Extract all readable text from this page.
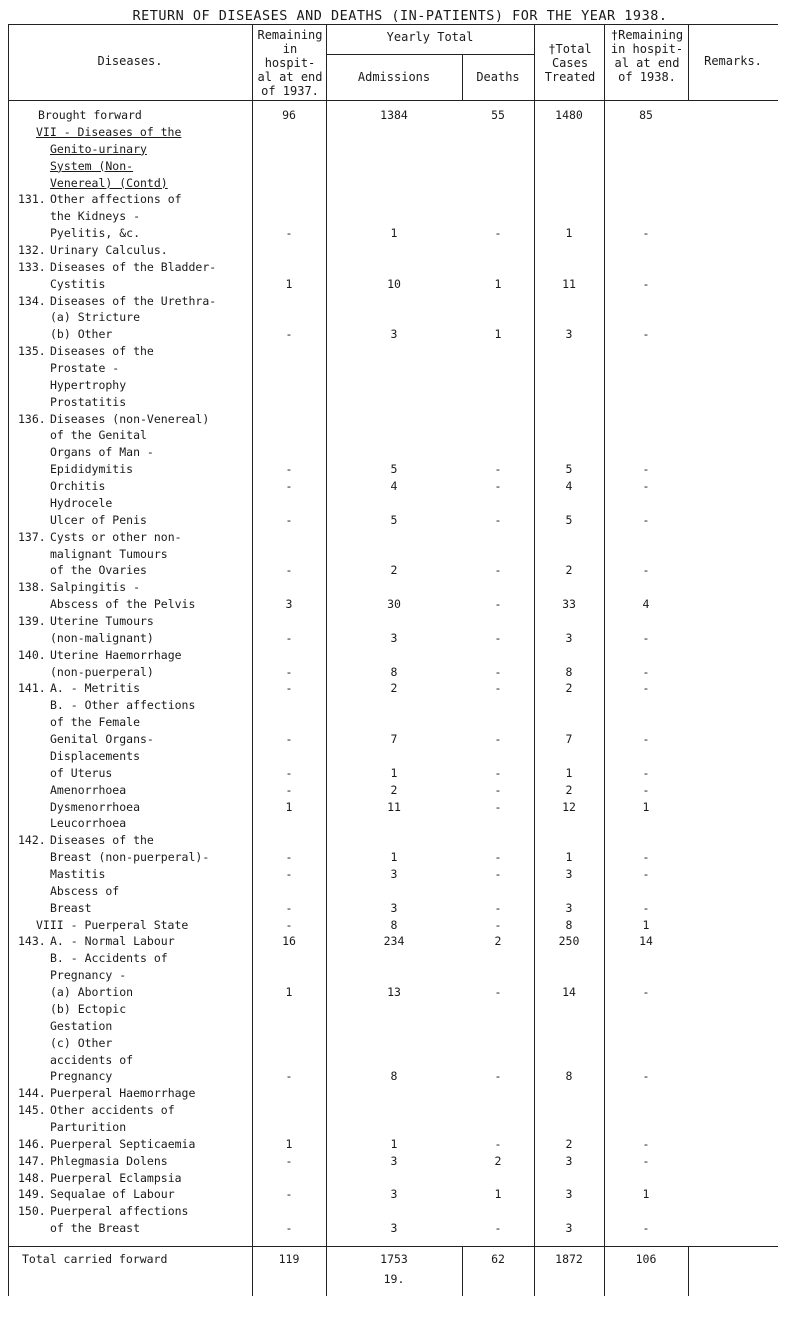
RETURN OF DISEASES AND DEATHS (IN-PATIENTS) FOR THE YEAR 1938.
Diseases.
Remaining
in hospit-
al at end
of 1937.
Yearly Total
Admissions	Deaths
†Total
Cases
Treated
†Remaining
in hospit-
al at end
of 1938.
Remarks.
Brought forward	96	1384	55	1480	85
VII - Diseases of the
Genito-urinary
System (Non-
Venereal) (Contd)
131. Other affections of
the Kidneys -
Pyelitis, &c.	-	1	-	1	-
132. Urinary Calculus.
133. Diseases of the Bladder-
Cystitis	1	10	1	11	-
134. Diseases of the Urethra-
(a) Stricture
(b) Other	-	3	1	3	-
135. Diseases of the
Prostate -
Hypertrophy
Prostatitis
136. Diseases (non-Venereal)
of the Genital
Organs of Man -
Epididymitis	-	5	-	5	-
Orchitis	-	4	-	4	-
Hydrocele
Ulcer of Penis	-	5	-	5	-
137. Cysts or other non-
malignant Tumours
of the Ovaries	-	2	-	2	-
138. Salpingitis -
Abscess of the Pelvis	3	30	-	33	4
139. Uterine Tumours
(non-malignant)	-	3	-	3	-
140. Uterine Haemorrhage
(non-puerperal)	-	8	-	8	-
141. A. - Metritis	-	2	-	2	-
B. - Other affections
of the Female
Genital Organs-	-	7	-	7	-
Displacements
of Uterus	-	1	-	1	-
Amenorrhoea	-	2	-	2	-
Dysmenorrhoea	1	11	-	12	1
Leucorrhoea
142. Diseases of the
Breast (non-puerperal)-	-	1	-	1	-
Mastitis	-	3	-	3	-
Abscess of
Breast	-	3	-	3	-
VIII - Puerperal State	-	8	-	8	1
143. A. - Normal Labour	16	234	2	250	14
B. - Accidents of
Pregnancy -
(a) Abortion	1	13	-	14	-
(b) Ectopic
Gestation
(c) Other
accidents of
Pregnancy	-	8	-	8	-
144. Puerperal Haemorrhage
145. Other accidents of
Parturition
146. Puerperal Septicaemia	1	1	-	2	-
147. Phlegmasia Dolens	-	3	2	3	-
148. Puerperal Eclampsia
149. Sequalae of Labour	-	3	1	3	1
150. Puerperal affections
of the Breast	-	3	-	3	-
Total carried forward	119	1753	62	1872	106
19.
